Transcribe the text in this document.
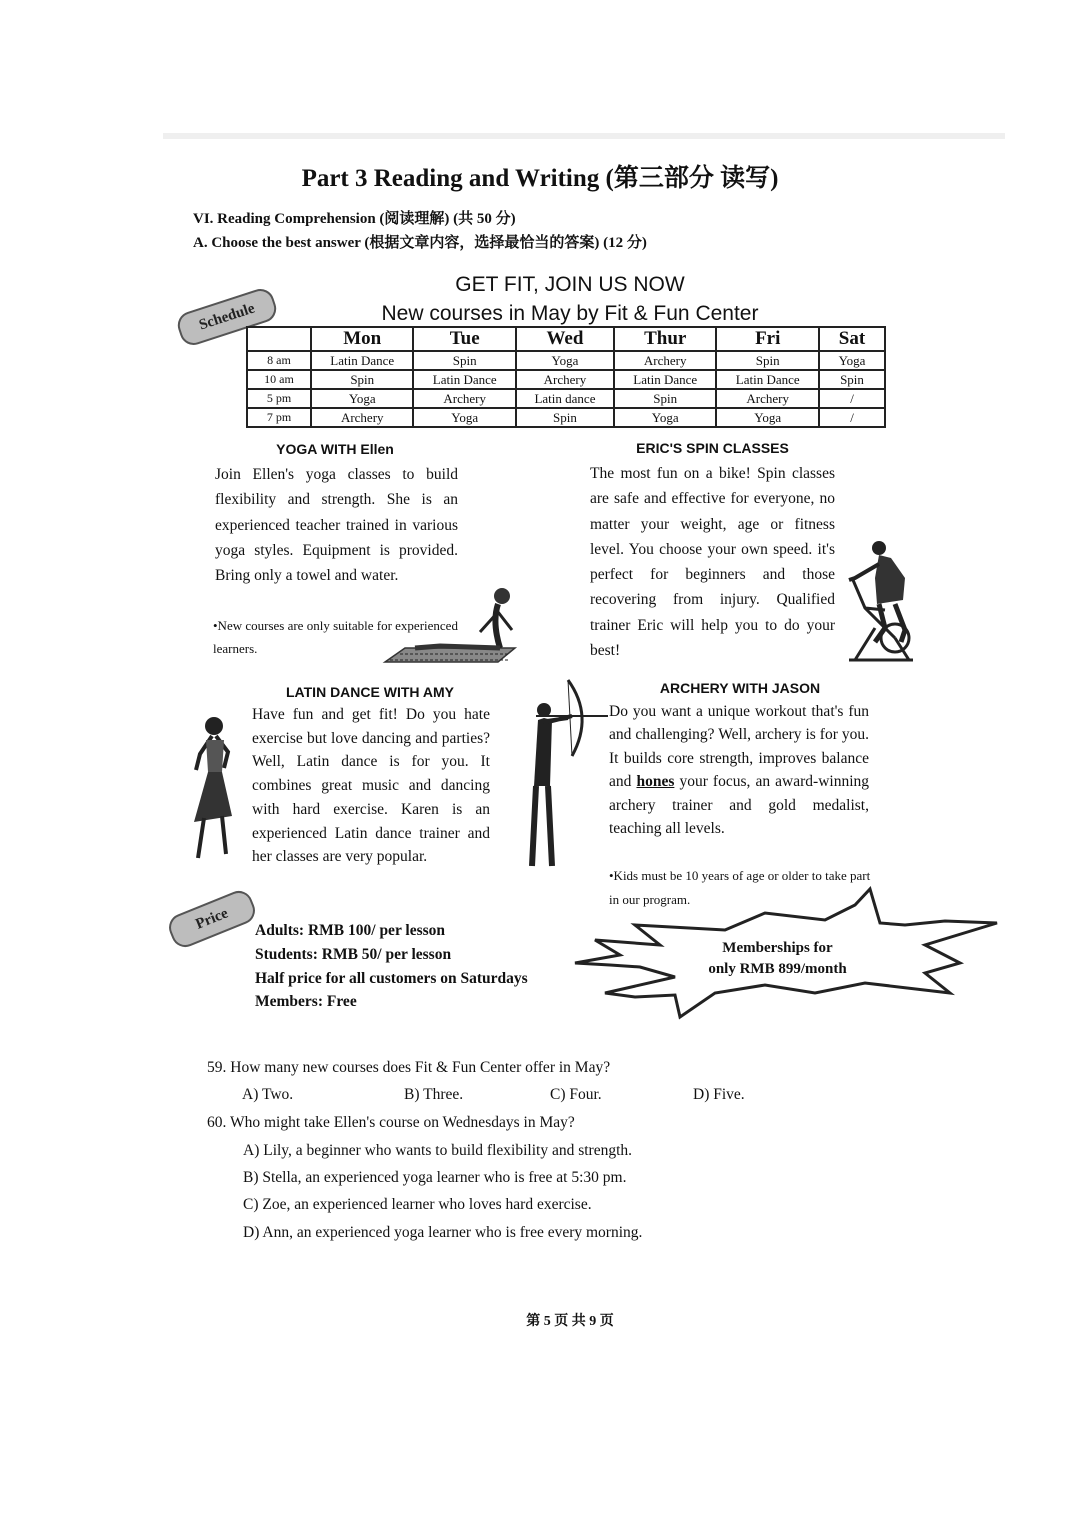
Part 3 Reading and Writing (第三部分 读写)
VI. Reading Comprehension (阅读理解) (共 50 分)
A. Choose the best answer (根据文章内容，选择最恰当的答案) (12 分)
GET FIT, JOIN US NOW
New courses in May by Fit & Fun Center
Schedule
	Mon	Tue	Wed	Thur	Fri	Sat
8 am	Latin Dance	Spin	Yoga	Archery	Spin	Yoga
10 am	Spin	Latin Dance	Archery	Latin Dance	Latin Dance	Spin
5 pm	Yoga	Archery	Latin dance	Spin	Archery	/
7 pm	Archery	Yoga	Spin	Yoga	Yoga	/
YOGA WITH Ellen
Join Ellen's yoga classes to build flexibility and strength. She is an experienced teacher trained in various yoga styles. Equipment is provided. Bring only a towel and water.
•New courses are only suitable for experienced learners.
ERIC'S SPIN CLASSES
The most fun on a bike! Spin classes are safe and effective for everyone, no matter your weight, age or fitness level. You choose your own speed. it's perfect for beginners and those recovering from injury. Qualified trainer Eric will help you to do your best!
LATIN DANCE WITH AMY
Have fun and get fit! Do you hate exercise but love dancing and parties? Well, Latin dance is for you. It combines great music and dancing with hard exercise. Karen is an experienced Latin dance trainer and her classes are very popular.
ARCHERY WITH JASON
Do you want a unique workout that's fun and challenging? Well, archery is for you. It builds core strength, improves balance and hones your focus, an award-winning archery trainer and gold medalist, teaching all levels.
•Kids must be 10 years of age or older to take part in our program.
Price	Adults: RMB 100/ per lesson
Students: RMB 50/ per lesson
Half price for all customers on Saturdays
Members: Free
Memberships for
only RMB 899/month
59. How many new courses does Fit & Fun Center offer in May?
A) Two.	B) Three.	C) Four.	D) Five.
60. Who might take Ellen's course on Wednesdays in May?
A) Lily, a beginner who wants to build flexibility and strength.
B) Stella, an experienced yoga learner who is free at 5:30 pm.
C) Zoe, an experienced learner who loves hard exercise.
D) Ann, an experienced yoga learner who is free every morning.
第 5 页 共 9 页
